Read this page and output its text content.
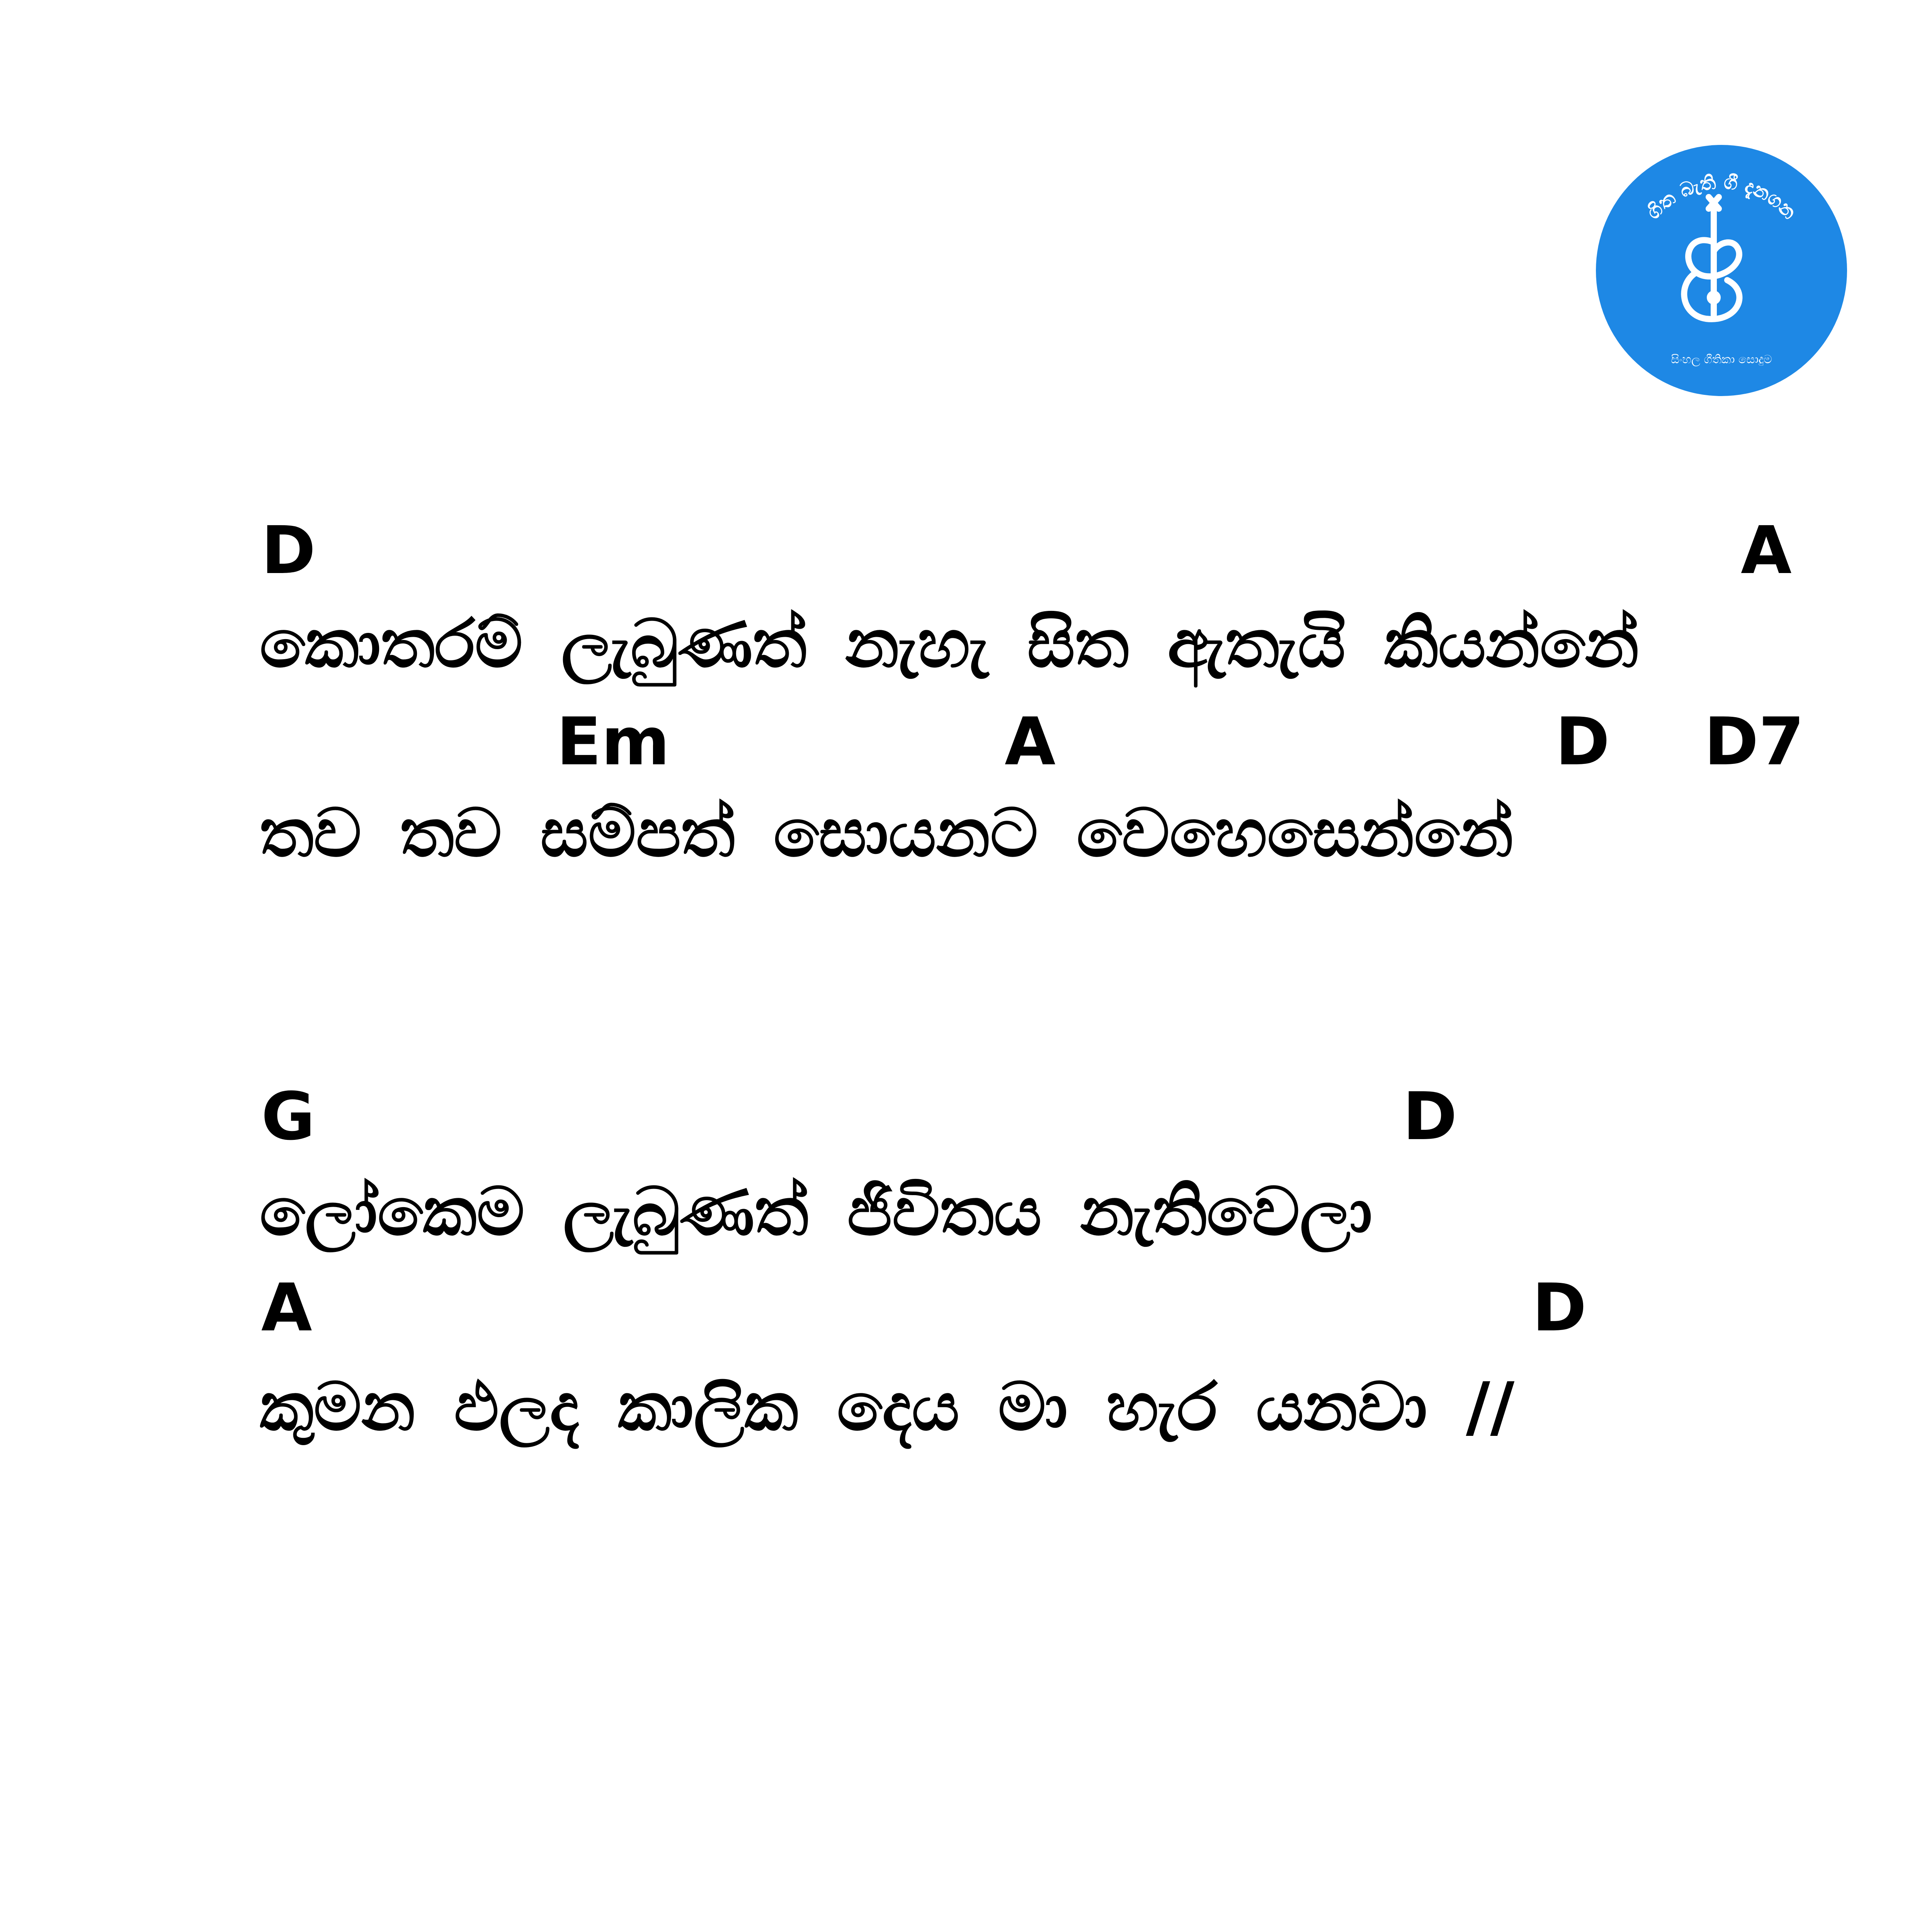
ගිත බැති ගී දැනගන
සිංහල ගීතිකා සොදුම
D	A
කොතරම් ලැබුණත් නැහැ සිත ඇතැයි කියන්නේ
Em	A	D D7
තව තව සම්පත් සොයනට වෙහෙසෙන්නේ
G	D
ලෝකෙම ලැබුණත් ජිවිතය නැතිවෙලා
A	D
කුමන ඵලද කාලික දෙය මා හැර යනවා //
